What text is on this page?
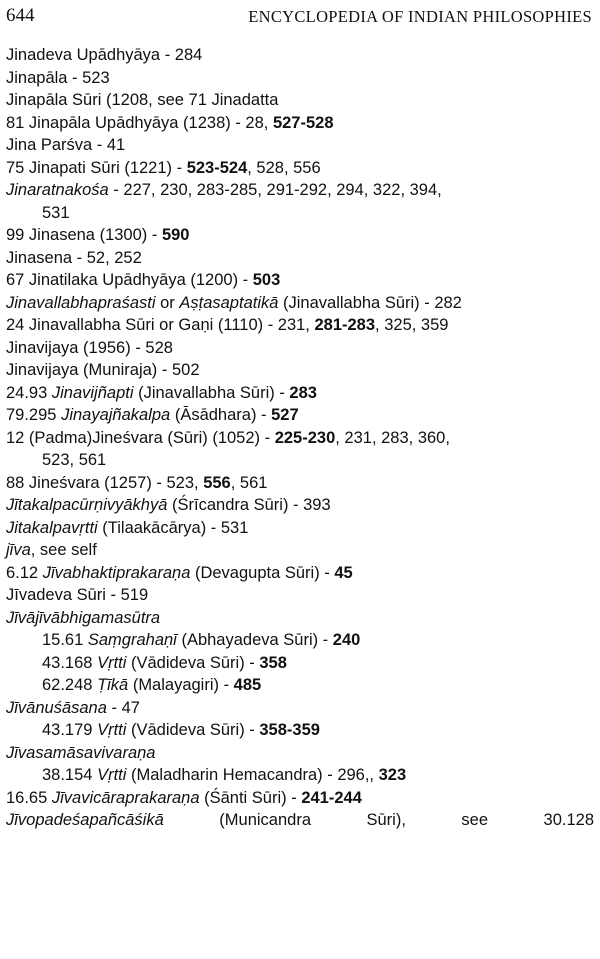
644	ENCYCLOPEDIA OF INDIAN PHILOSOPHIES
Jinadeva Upādhyāya - 284
Jinapāla - 523
Jinapāla Sūri (1208, see 71 Jinadatta
81 Jinapāla Upādhyāya (1238) - 28, 527-528
Jina Parśva - 41
75 Jinapati Sūri (1221) - 523-524, 528, 556
Jinaratnakośa - 227, 230, 283-285, 291-292, 294, 322, 394,
531
99 Jinasena (1300) - 590
Jinasena - 52, 252
67 Jinatilaka Upādhyāya (1200) - 503
Jinavallabhapraśasti or Aṣṭasaptatikā (Jinavallabha Sūri) - 282
24 Jinavallabha Sūri or Gaṇi (1110) - 231, 281-283, 325, 359
Jinavijaya (1956) - 528
Jinavijaya (Muniraja) - 502
24.93 Jinavijñapti (Jinavallabha Sūri) - 283
79.295 Jinayajñakalpa (Āsādhara) - 527
12 (Padma)Jineśvara (Sūri) (1052) - 225-230, 231, 283, 360,
523, 561
88 Jineśvara (1257) - 523, 556, 561
Jītakalpacūrṇivyākhyā (Śrīcandra Sūri) - 393
Jitakalpavṛtti (Tilaakācārya) - 531
jīva, see self
6.12 Jīvabhaktiprakaraṇa (Devagupta Sūri) - 45
Jīvadeva Sūri - 519
Jīvājīvābhigamasūtra
15.61 Saṃgrahaṇī (Abhayadeva Sūri) - 240
43.168 Vṛtti (Vādideva Sūri) - 358
62.248 Ṭīkā (Malayagiri) - 485
Jīvānuśāsana - 47
43.179 Vṛtti (Vādideva Sūri) - 358-359
Jīvasamāsavivaraṇa
38.154 Vṛtti (Maladharin Hemacandra) - 296,, 323
16.65 Jīvavicāraprakaraṇa (Śānti Sūri) - 241-244
Jīvopadeśapañcāśikā	(Municandra	Sūri),	see	30.128
